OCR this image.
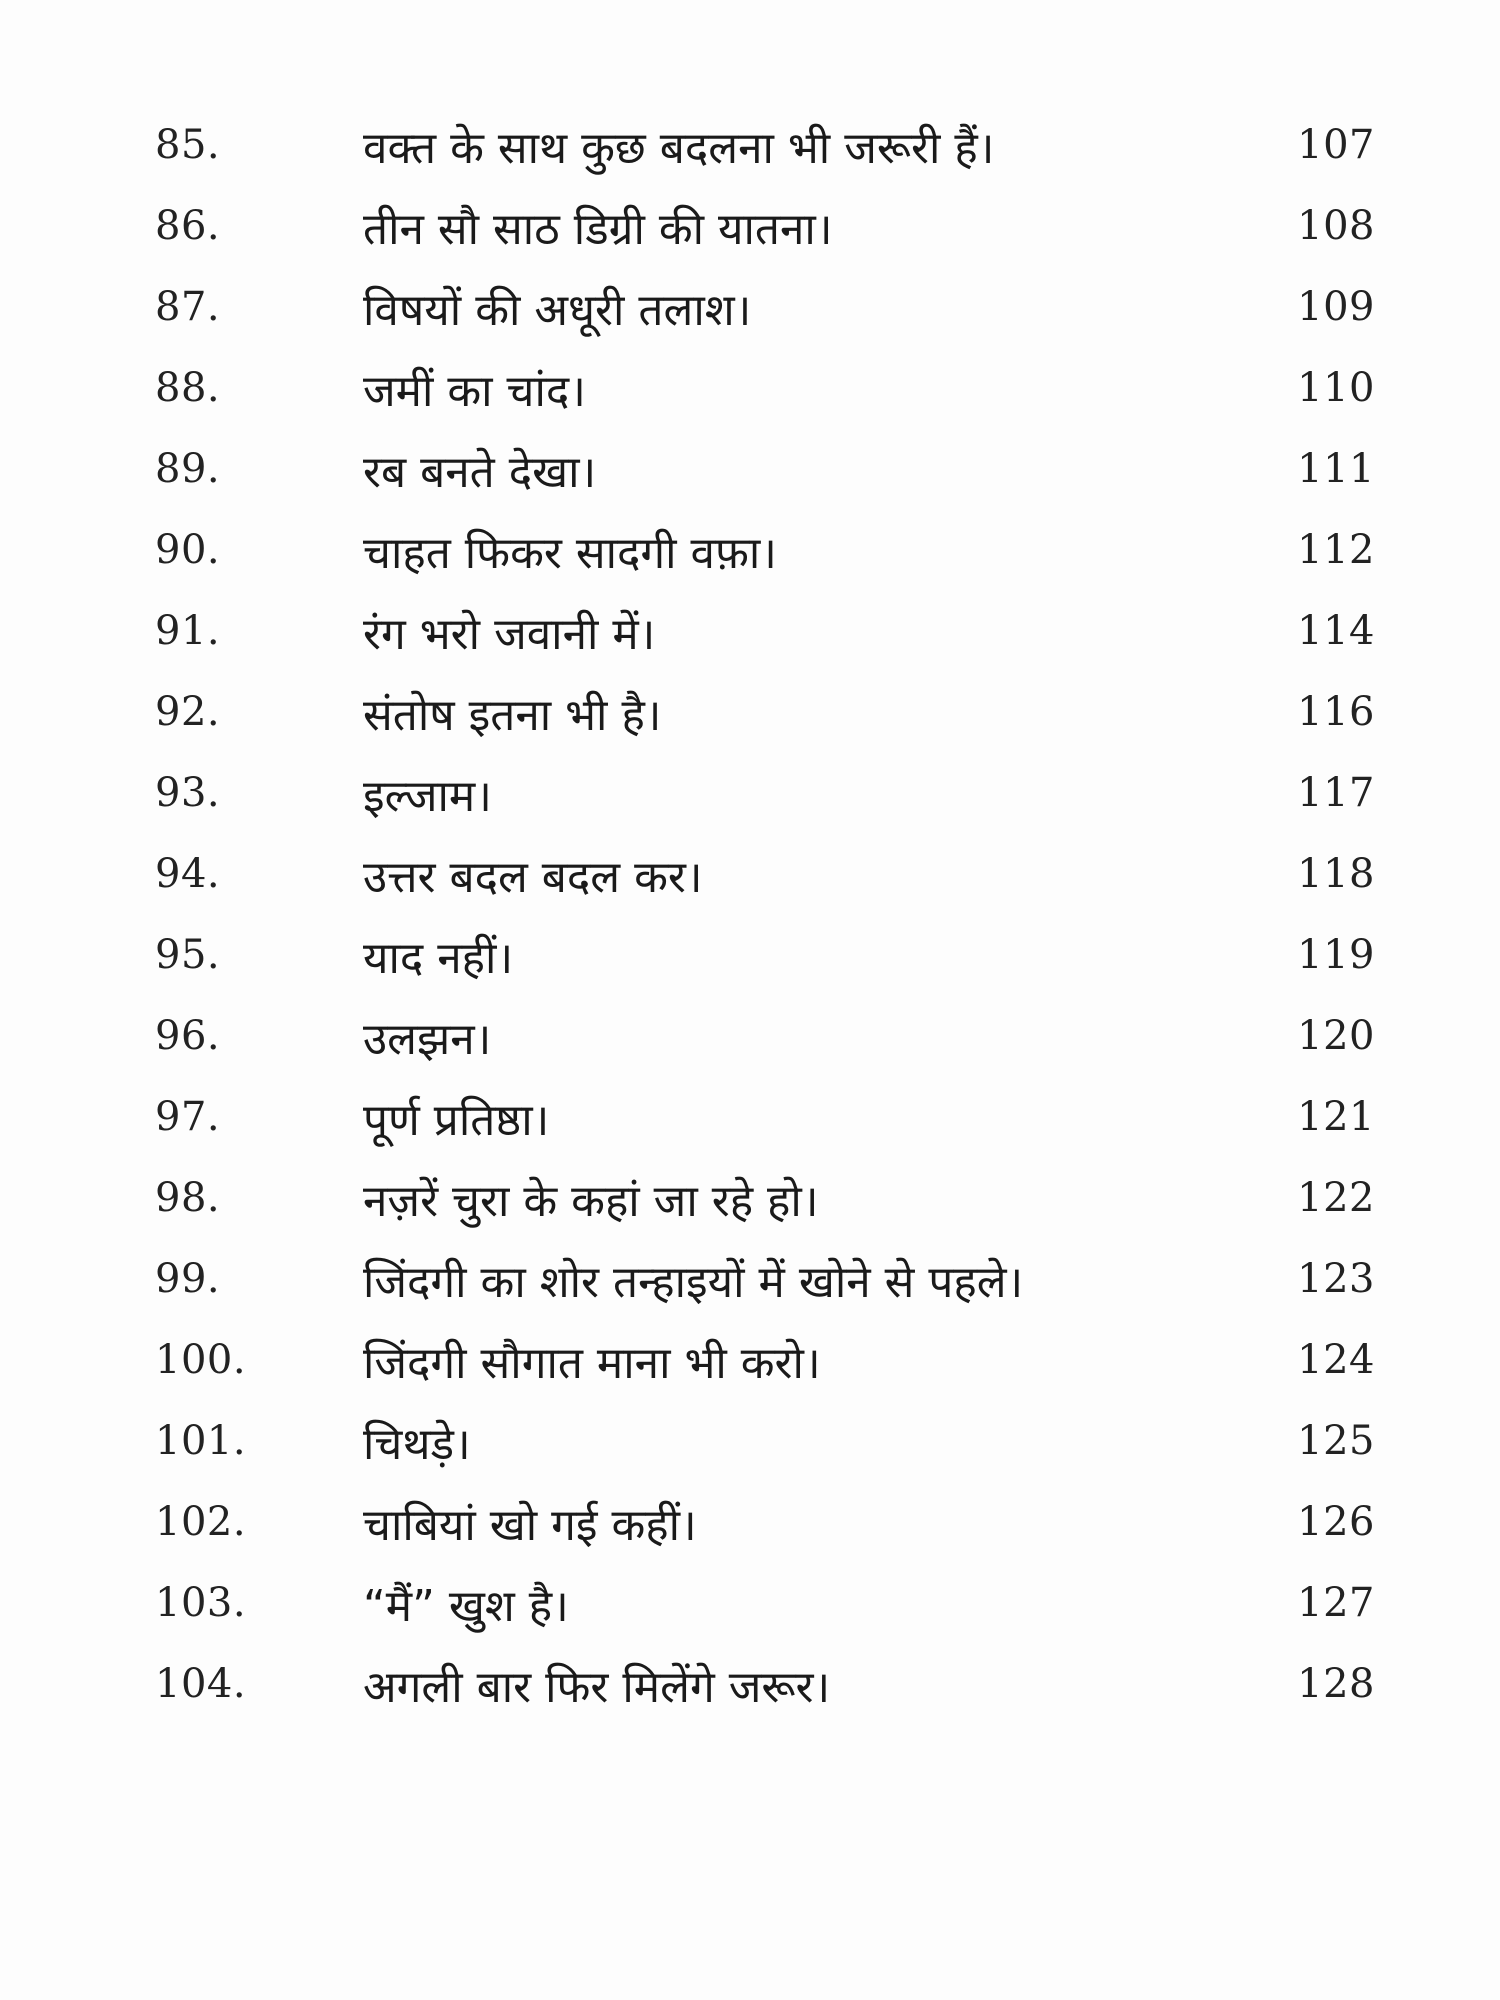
85.	वक्त के साथ कुछ बदलना भी जरूरी हैं।	107
86.	तीन सौ साठ डिग्री की यातना।	108
87.	विषयों की अधूरी तलाश।	109
88.	जमीं का चांद।	110
89.	रब बनते देखा।	111
90.	चाहत फिकर सादगी वफ़ा।	112
91.	रंग भरो जवानी में।	114
92.	संतोष इतना भी है।	116
93.	इल्जाम।	117
94.	उत्तर बदल बदल कर।	118
95.	याद नहीं।	119
96.	उलझन।	120
97.	पूर्ण प्रतिष्ठा।	121
98.	नज़रें चुरा के कहां जा रहे हो।	122
99.	जिंदगी का शोर तन्हाइयों में खोने से पहले।	123
100.	जिंदगी सौगात माना भी करो।	124
101.	चिथड़े।	125
102.	चाबियां खो गई कहीं।	126
103.	“मैं” खुश है।	127
104.	अगली बार फिर मिलेंगे जरूर।	128
